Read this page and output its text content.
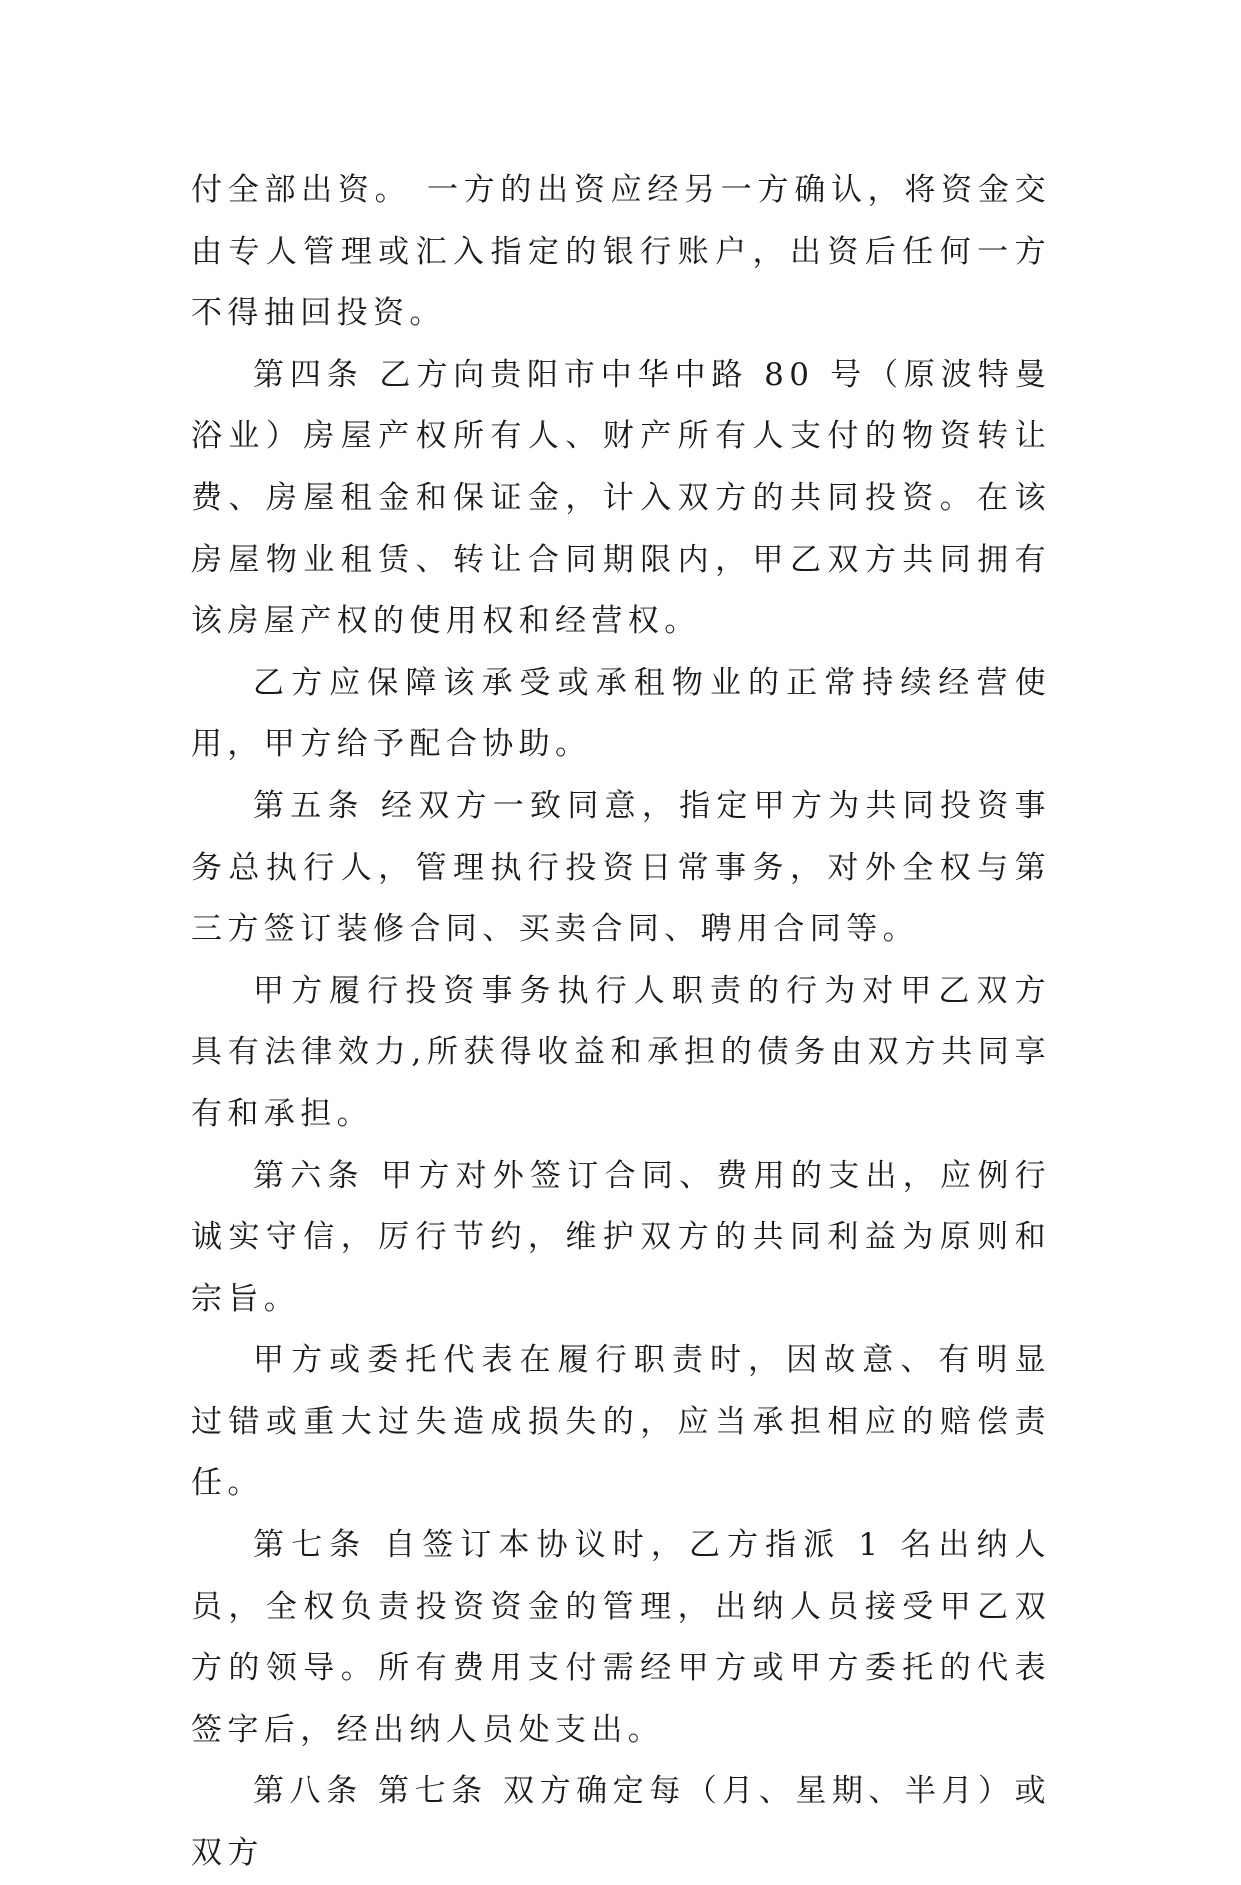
付全部出资。 一方的出资应经另一方确认，将资金交由专人管理或汇入指定的银行账户，出资后任何一方不得抽回投资。

第四条 乙方向贵阳市中华中路 80 号（原波特曼浴业）房屋产权所有人、财产所有人支付的物资转让费、房屋租金和保证金，计入双方的共同投资。在该房屋物业租赁、转让合同期限内，甲乙双方共同拥有该房屋产权的使用权和经营权。

乙方应保障该承受或承租物业的正常持续经营使用，甲方给予配合协助。

第五条 经双方一致同意，指定甲方为共同投资事务总执行人，管理执行投资日常事务，对外全权与第三方签订装修合同、买卖合同、聘用合同等。

甲方履行投资事务执行人职责的行为对甲乙双方具有法律效力,所获得收益和承担的债务由双方共同享有和承担。

第六条 甲方对外签订合同、费用的支出，应例行诚实守信，厉行节约，维护双方的共同利益为原则和宗旨。

甲方或委托代表在履行职责时，因故意、有明显过错或重大过失造成损失的，应当承担相应的赔偿责任。

第七条 自签订本协议时，乙方指派 1 名出纳人员，全权负责投资资金的管理，出纳人员接受甲乙双方的领导。所有费用支付需经甲方或甲方委托的代表签字后，经出纳人员处支出。

第八条 第七条 双方确定每（月、星期、半月）或双方
